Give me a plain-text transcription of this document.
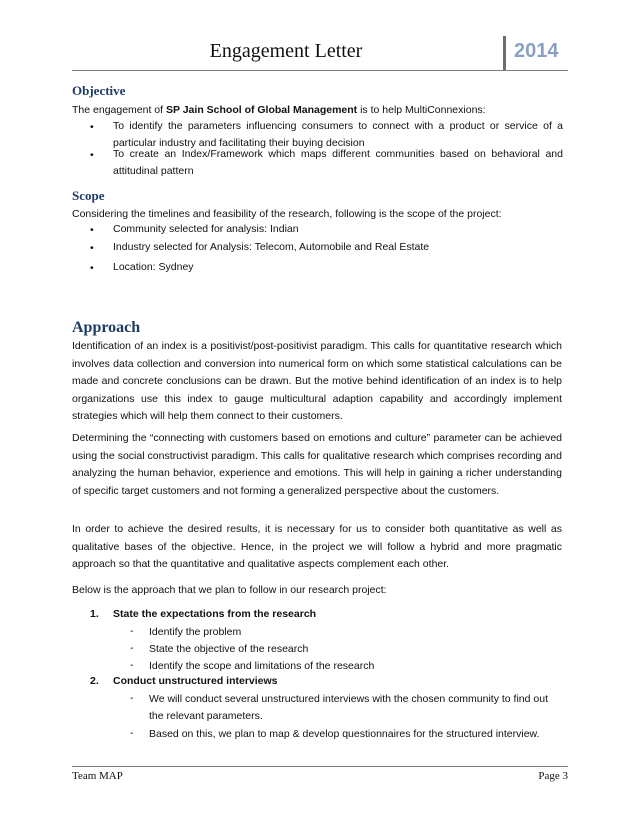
Engagement Letter	2014
Objective
The engagement of SP Jain School of Global Management is to help MultiConnexions:
• To identify the parameters influencing consumers to connect with a product or service of a particular industry and facilitating their buying decision
• To create an Index/Framework which maps different communities based on behavioral and attitudinal pattern
Scope
Considering the timelines and feasibility of the research, following is the scope of the project:
• Community selected for analysis: Indian
• Industry selected for Analysis: Telecom, Automobile and Real Estate
• Location: Sydney
Approach
Identification of an index is a positivist/post-positivist paradigm. This calls for quantitative research which involves data collection and conversion into numerical form on which some statistical calculations can be made and concrete conclusions can be drawn. But the motive behind identification of an index is to help organizations use this index to gauge multicultural adaption capability and accordingly implement strategies which will help them connect to their customers.
Determining the “connecting with customers based on emotions and culture” parameter can be achieved using the social constructivist paradigm. This calls for qualitative research which comprises recording and analyzing the human behavior, experience and emotions. This will help in gaining a richer understanding of specific target customers and not forming a generalized perspective about the customers.
In order to achieve the desired results, it is necessary for us to consider both quantitative as well as qualitative bases of the objective. Hence, in the project we will follow a hybrid and more pragmatic approach so that the quantitative and qualitative aspects complement each other.
Below is the approach that we plan to follow in our research project:
1. State the expectations from the research
- Identify the problem
- State the objective of the research
- Identify the scope and limitations of the research
2. Conduct unstructured interviews
- We will conduct several unstructured interviews with the chosen community to find out the relevant parameters.
- Based on this, we plan to map & develop questionnaires for the structured interview.
Team MAP	Page 3
